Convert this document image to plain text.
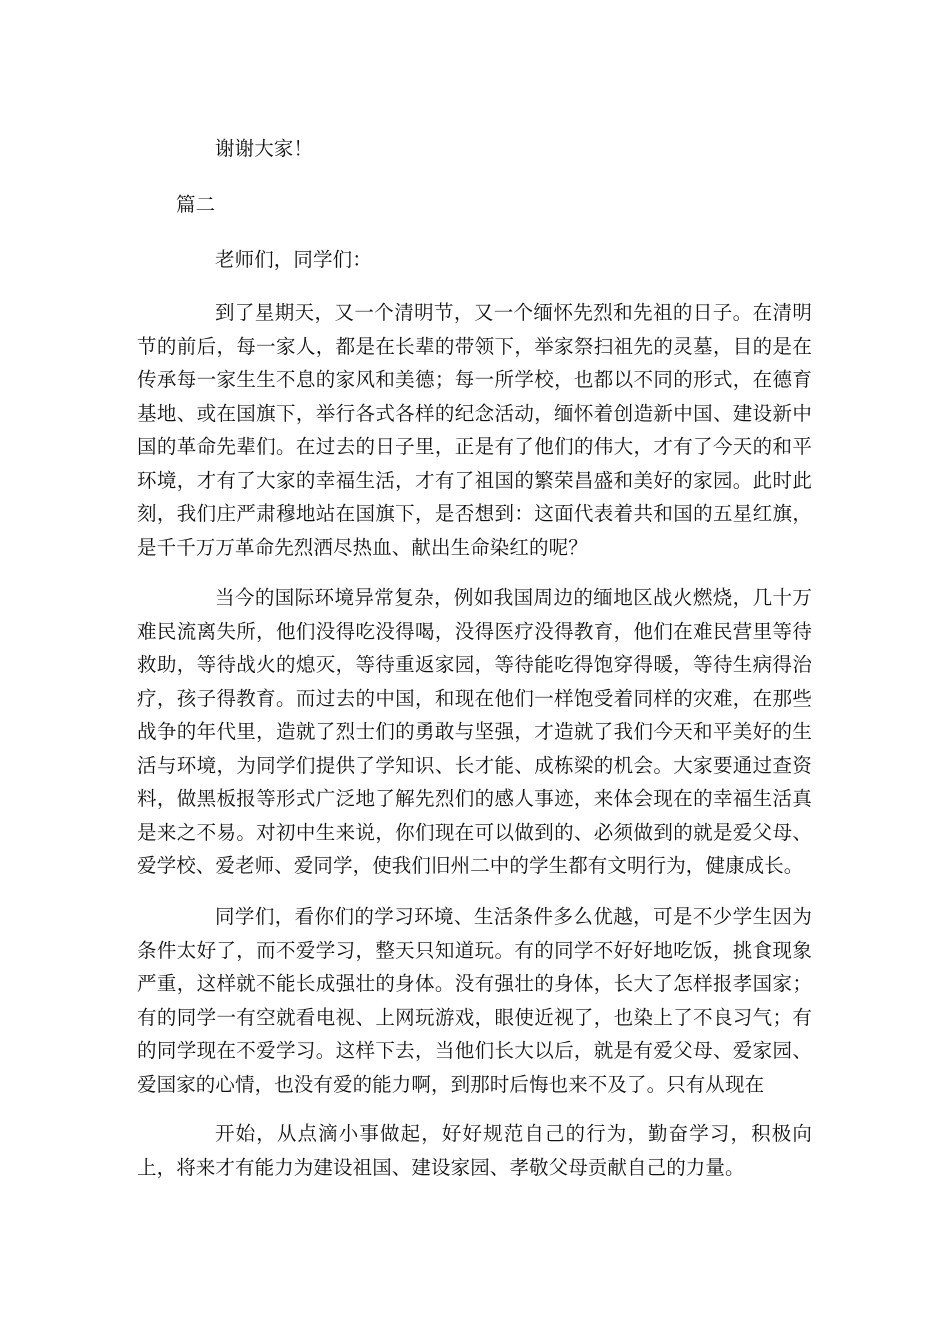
谢谢大家！
篇二
老师们，同学们：

到了星期天，又一个清明节，又一个缅怀先烈和先祖的日子。在清明节的前后，每一家人，都是在长辈的带领下，举家祭扫祖先的灵墓，目的是在传承每一家生生不息的家风和美德；每一所学校，也都以不同的形式，在德育基地、或在国旗下，举行各式各样的纪念活动，缅怀着创造新中国、建设新中国的革命先辈们。在过去的日子里，正是有了他们的伟大，才有了今天的和平环境，才有了大家的幸福生活，才有了祖国的繁荣昌盛和美好的家园。此时此刻，我们庄严肃穆地站在国旗下，是否想到：这面代表着共和国的五星红旗，是千千万万革命先烈洒尽热血、献出生命染红的呢？

当今的国际环境异常复杂，例如我国周边的缅地区战火燃烧，几十万难民流离失所，他们没得吃没得喝，没得医疗没得教育，他们在难民营里等待救助，等待战火的熄灭，等待重返家园，等待能吃得饱穿得暖，等待生病得治疗，孩子得教育。而过去的中国，和现在他们一样饱受着同样的灾难，在那些战争的年代里，造就了烈士们的勇敢与坚强，才造就了我们今天和平美好的生活与环境，为同学们提供了学知识、长才能、成栋梁的机会。大家要通过查资料，做黑板报等形式广泛地了解先烈们的感人事迹，来体会现在的幸福生活真是来之不易。对初中生来说，你们现在可以做到的、必须做到的就是爱父母、爱学校、爱老师、爱同学，使我们旧州二中的学生都有文明行为，健康成长。

同学们，看你们的学习环境、生活条件多么优越，可是不少学生因为条件太好了，而不爱学习，整天只知道玩。有的同学不好好地吃饭，挑食现象严重，这样就不能长成强壮的身体。没有强壮的身体，长大了怎样报孝国家；有的同学一有空就看电视、上网玩游戏，眼使近视了，也染上了不良习气；有的同学现在不爱学习。这样下去，当他们长大以后，就是有爱父母、爱家园、爱国家的心情，也没有爱的能力啊，到那时后悔也来不及了。只有从现在

开始，从点滴小事做起，好好规范自己的行为，勤奋学习，积极向上，将来才有能力为建设祖国、建设家园、孝敬父母贡献自己的力量。
